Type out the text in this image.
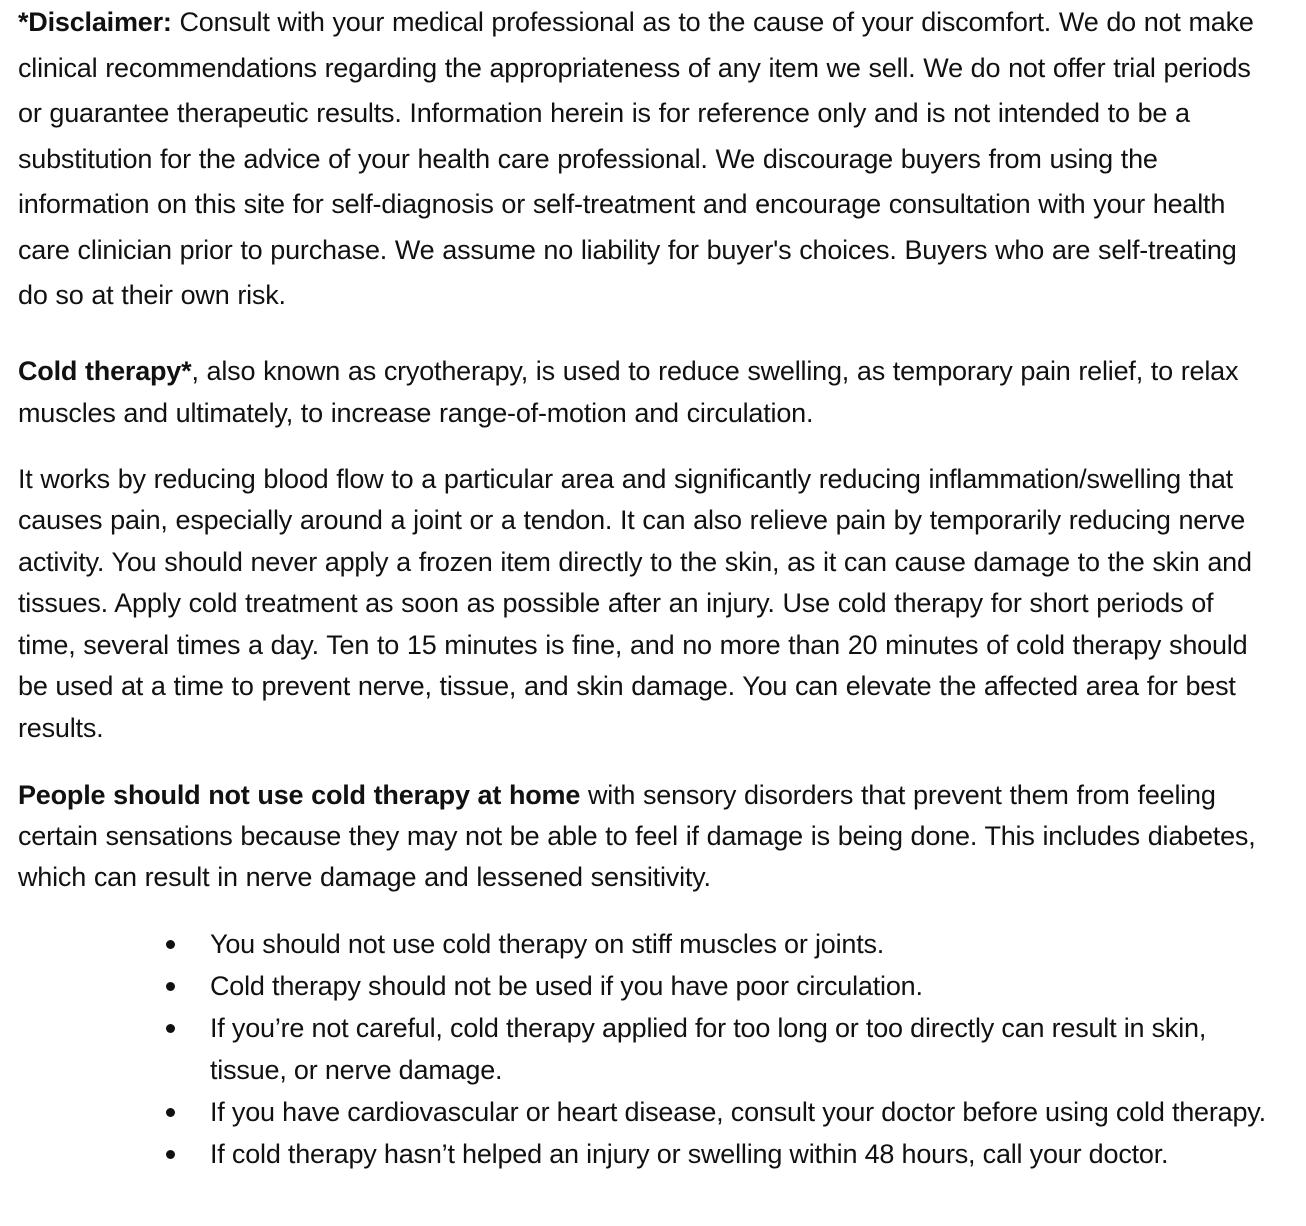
*Disclaimer: Consult with your medical professional as to the cause of your discomfort. We do not make clinical recommendations regarding the appropriateness of any item we sell. We do not offer trial periods or guarantee therapeutic results. Information herein is for reference only and is not intended to be a substitution for the advice of your health care professional. We discourage buyers from using the information on this site for self-diagnosis or self-treatment and encourage consultation with your health care clinician prior to purchase. We assume no liability for buyer's choices. Buyers who are self-treating do so at their own risk.

Cold therapy*, also known as cryotherapy, is used to reduce swelling, as temporary pain relief, to relax muscles and ultimately, to increase range-of-motion and circulation.

It works by reducing blood flow to a particular area and significantly reducing inflammation/swelling that causes pain, especially around a joint or a tendon. It can also relieve pain by temporarily reducing nerve activity. You should never apply a frozen item directly to the skin, as it can cause damage to the skin and tissues. Apply cold treatment as soon as possible after an injury. Use cold therapy for short periods of time, several times a day. Ten to 15 minutes is fine, and no more than 20 minutes of cold therapy should be used at a time to prevent nerve, tissue, and skin damage. You can elevate the affected area for best results.

People should not use cold therapy at home with sensory disorders that prevent them from feeling certain sensations because they may not be able to feel if damage is being done. This includes diabetes, which can result in nerve damage and lessened sensitivity.

You should not use cold therapy on stiff muscles or joints.
Cold therapy should not be used if you have poor circulation.
If you’re not careful, cold therapy applied for too long or too directly can result in skin, tissue, or nerve damage.
If you have cardiovascular or heart disease, consult your doctor before using cold therapy.
If cold therapy hasn’t helped an injury or swelling within 48 hours, call your doctor.
